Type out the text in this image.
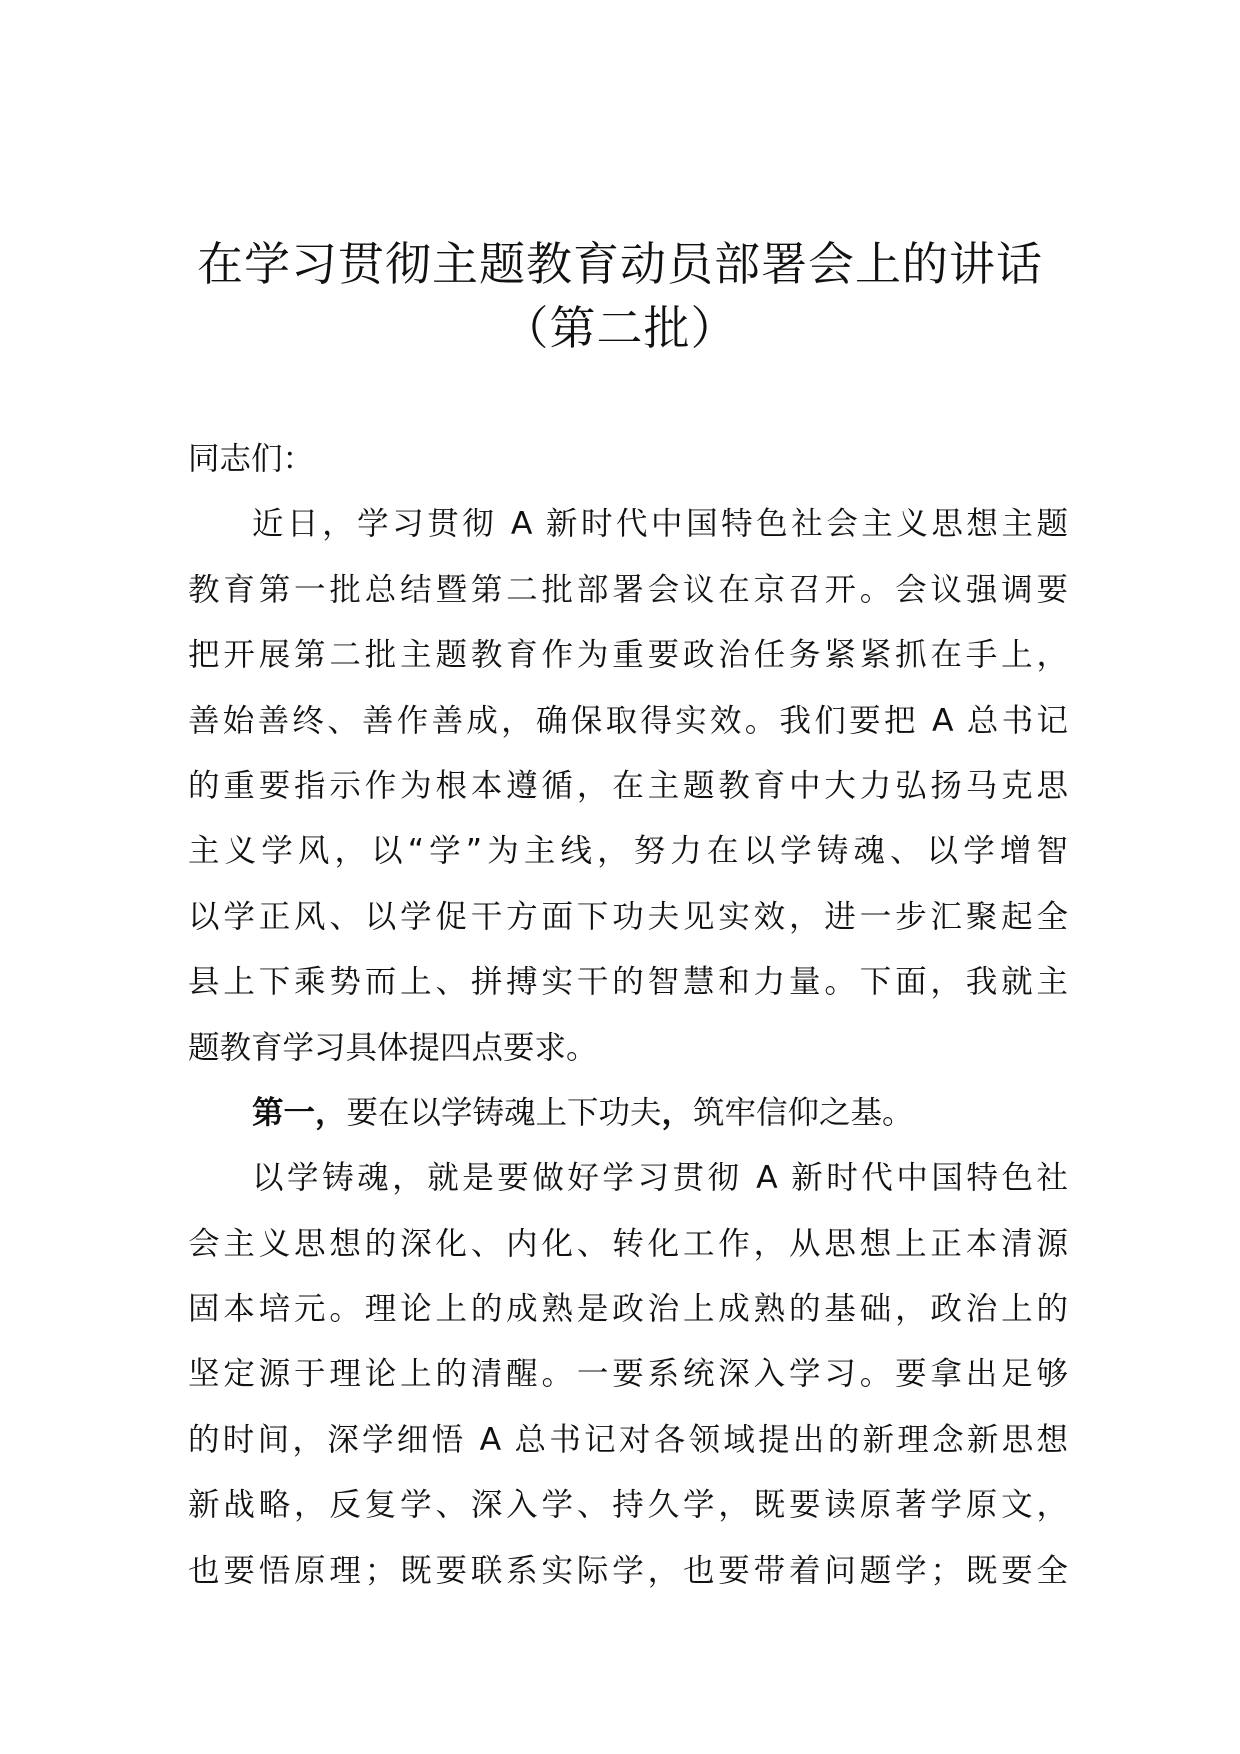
在学习贯彻主题教育动员部署会上的讲话
（第二批）
同志们：
近日，学习贯彻 A 新时代中国特色社会主义思想主题
教育第一批总结暨第二批部署会议在京召开。会议强调要
把开展第二批主题教育作为重要政治任务紧紧抓在手上，
善始善终、善作善成，确保取得实效。我们要把 A 总书记
的重要指示作为根本遵循，在主题教育中大力弘扬马克思
主义学风，以“学”为主线，努力在以学铸魂、以学增智
以学正风、以学促干方面下功夫见实效，进一步汇聚起全
县上下乘势而上、拼搏实干的智慧和力量。下面，我就主
题教育学习具体提四点要求。
第一，要在以学铸魂上下功夫，筑牢信仰之基。
以学铸魂，就是要做好学习贯彻 A 新时代中国特色社
会主义思想的深化、内化、转化工作，从思想上正本清源
固本培元。理论上的成熟是政治上成熟的基础，政治上的
坚定源于理论上的清醒。一要系统深入学习。要拿出足够
的时间，深学细悟 A 总书记对各领域提出的新理念新思想
新战略，反复学、深入学、持久学，既要读原著学原文，
也要悟原理；既要联系实际学，也要带着问题学；既要全
